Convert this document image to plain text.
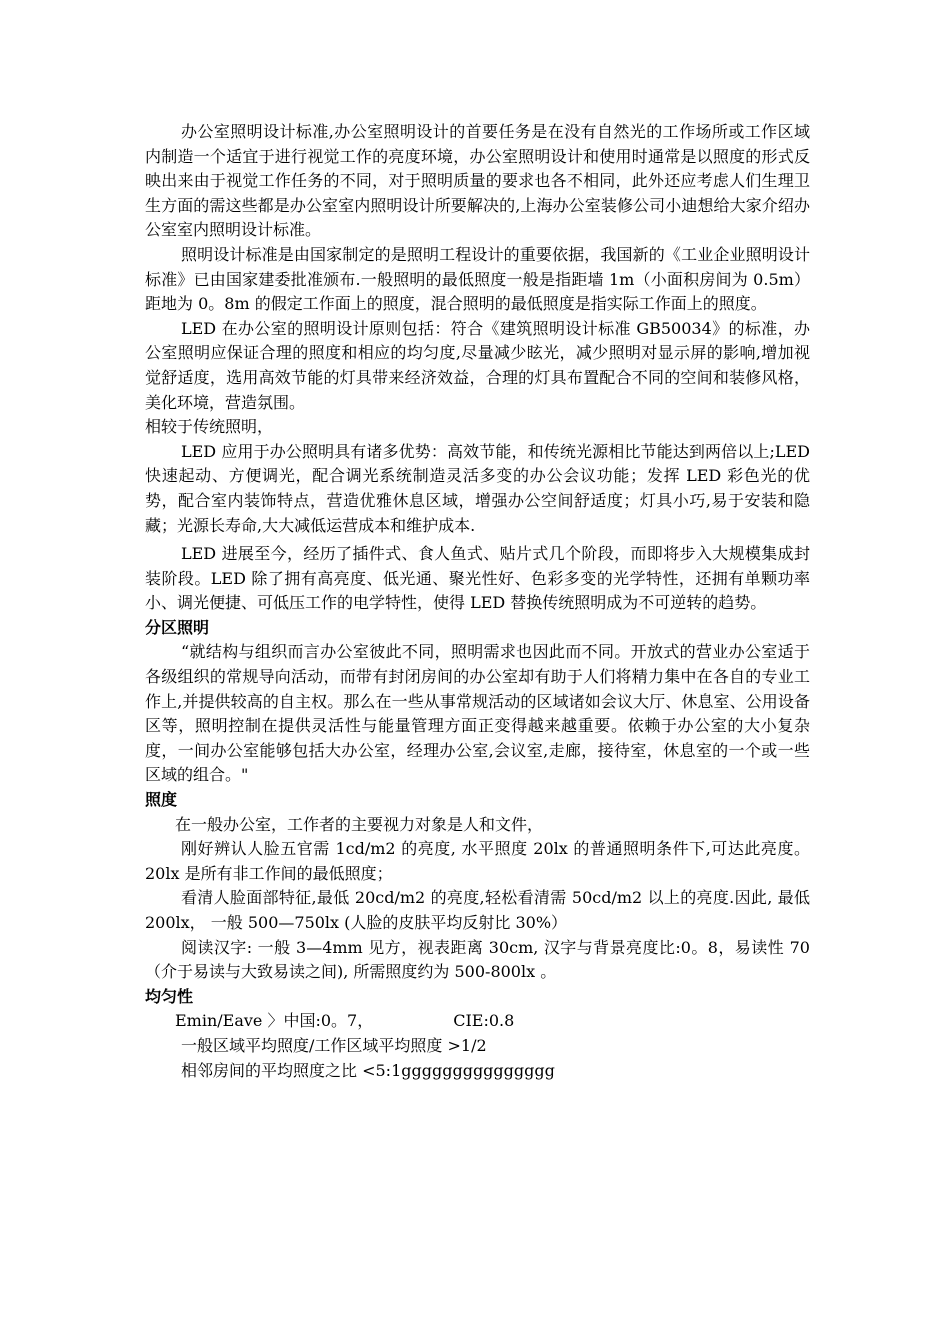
办公室照明设计标准,办公室照明设计的首要任务是在没有自然光的工作场所或工作区域内制造一个适宜于进行视觉工作的亮度环境，办公室照明设计和使用时通常是以照度的形式反映出来由于视觉工作任务的不同，对于照明质量的要求也各不相同，此外还应考虑人们生理卫生方面的需这些都是办公室室内照明设计所要解决的,上海办公室装修公司小迪想给大家介绍办公室室内照明设计标准。

照明设计标准是由国家制定的是照明工程设计的重要依据，我国新的《工业企业照明设计标准》已由国家建委批准颁布.一般照明的最低照度一般是指距墙 1m（小面积房间为 0.5m）距地为 0。8m 的假定工作面上的照度，混合照明的最低照度是指实际工作面上的照度。

LED 在办公室的照明设计原则包括：符合《建筑照明设计标准 GB50034》的标准，办公室照明应保证合理的照度和相应的均匀度,尽量减少眩光，减少照明对显示屏的影响,增加视觉舒适度，选用高效节能的灯具带来经济效益，合理的灯具布置配合不同的空间和装修风格，美化环境，营造氛围。

相较于传统照明，

LED 应用于办公照明具有诸多优势：高效节能，和传统光源相比节能达到两倍以上;LED 快速起动、方便调光，配合调光系统制造灵活多变的办公会议功能；发挥 LED 彩色光的优势，配合室内装饰特点，营造优雅休息区域，增强办公空间舒适度；灯具小巧,易于安装和隐藏；光源长寿命,大大减低运营成本和维护成本.

LED 进展至今，经历了插件式、食人鱼式、贴片式几个阶段，而即将步入大规模集成封装阶段。LED 除了拥有高亮度、低光通、聚光性好、色彩多变的光学特性，还拥有单颗功率小、调光便捷、可低压工作的电学特性，使得 LED 替换传统照明成为不可逆转的趋势。

分区照明

“就结构与组织而言办公室彼此不同，照明需求也因此而不同。开放式的营业办公室适于各级组织的常规导向活动，而带有封闭房间的办公室却有助于人们将精力集中在各自的专业工作上,并提供较高的自主权。那么在一些从事常规活动的区域诸如会议大厅、休息室、公用设备区等，照明控制在提供灵活性与能量管理方面正变得越来越重要。依赖于办公室的大小复杂度，一间办公室能够包括大办公室，经理办公室,会议室,走廊，接待室，休息室的一个或一些区域的组合。"

照度

在一般办公室，工作者的主要视力对象是人和文件，

刚好辨认人脸五官需 1cd/m2 的亮度, 水平照度 20lx 的普通照明条件下,可达此亮度。 20lx 是所有非工作间的最低照度；

看清人脸面部特征,最低 20cd/m2 的亮度,轻松看清需 50cd/m2 以上的亮度.因此, 最低 200lx， 一般 500—750lx (人脸的皮肤平均反射比 30%）

阅读汉字: 一般 3—4mm 见方，视表距离 30cm, 汉字与背景亮度比:0。8，易读性 70（介于易读与大致易读之间), 所需照度约为 500-800lx 。

均匀性

Emin/Eave 〉中国:0。7，	CIE:0.8

一般区域平均照度/工作区域平均照度 >1/2

相邻房间的平均照度之比 <5:1ggggggggggggggg
